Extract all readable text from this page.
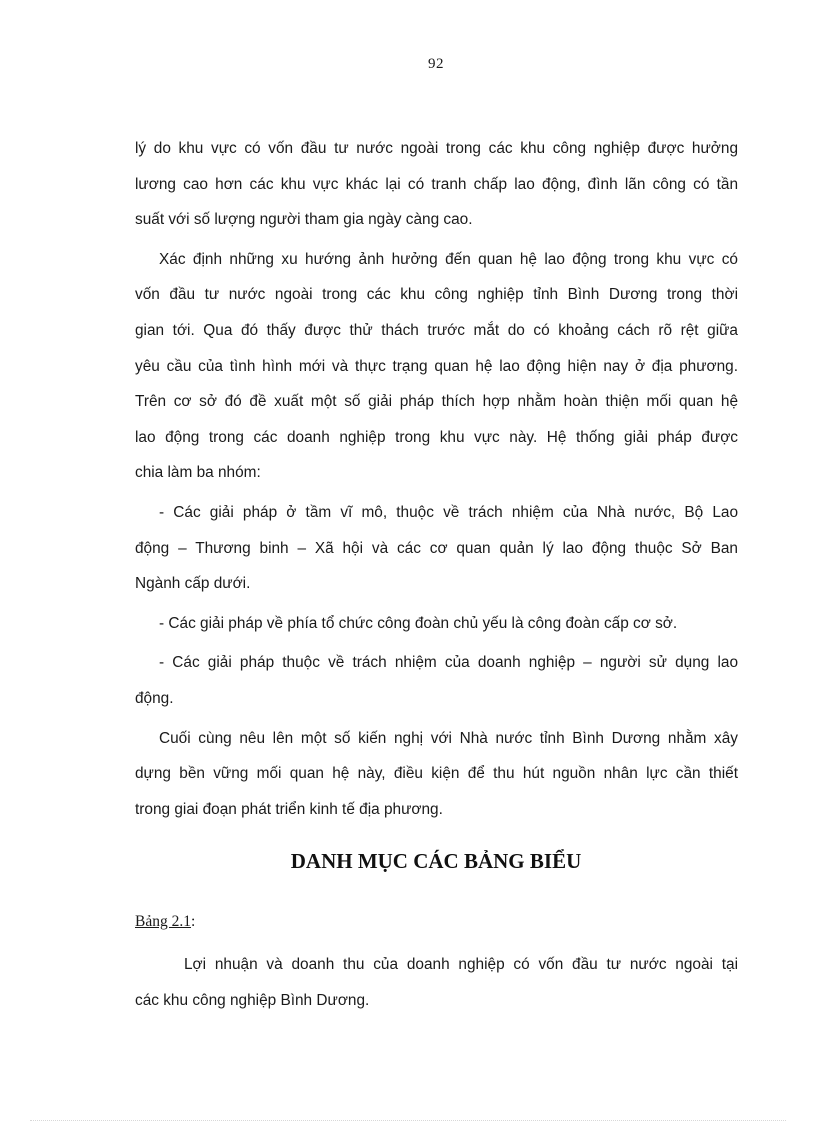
92
lý do khu vực có vốn đầu tư nước ngoài trong các khu công nghiệp được hưởng
lương cao hơn các khu vực khác lại có tranh chấp lao động, đình lãn công có tần
suất với số lượng người tham gia ngày càng cao.
Xác định những xu hướng ảnh hưởng đến quan hệ lao động trong khu vực có
vốn đầu tư nước ngoài trong các khu công nghiệp tỉnh Bình Dương trong thời
gian tới. Qua đó thấy được thử thách trước mắt do có khoảng cách rõ rệt giữa
yêu cầu của tình hình mới và thực trạng quan hệ lao động hiện nay ở địa phương.
Trên cơ sở đó đề xuất một số giải pháp thích hợp nhằm hoàn thiện mối quan hệ
lao động trong các doanh nghiệp trong khu vực này. Hệ thống giải pháp được
chia làm ba nhóm:
- Các giải pháp ở tầm vĩ mô, thuộc về trách nhiệm của Nhà nước, Bộ Lao
động – Thương binh – Xã hội và các cơ quan quản lý lao động thuộc Sở Ban
Ngành cấp dưới.
- Các giải pháp về phía tổ chức công đoàn chủ yếu là công đoàn cấp cơ sở.
- Các giải pháp thuộc về trách nhiệm của doanh nghiệp – người sử dụng lao
động.
Cuối cùng nêu lên một số kiến nghị với Nhà nước tỉnh Bình Dương nhằm xây
dựng bền vững mối quan hệ này, điều kiện để thu hút nguồn nhân lực cần thiết
trong giai đoạn phát triển kinh tế địa phương.
DANH MỤC CÁC BẢNG BIỂU
Bảng 2.1:
Lợi nhuận và doanh thu của doanh nghiệp có vốn đầu tư nước ngoài tại
các khu công nghiệp Bình Dương.
